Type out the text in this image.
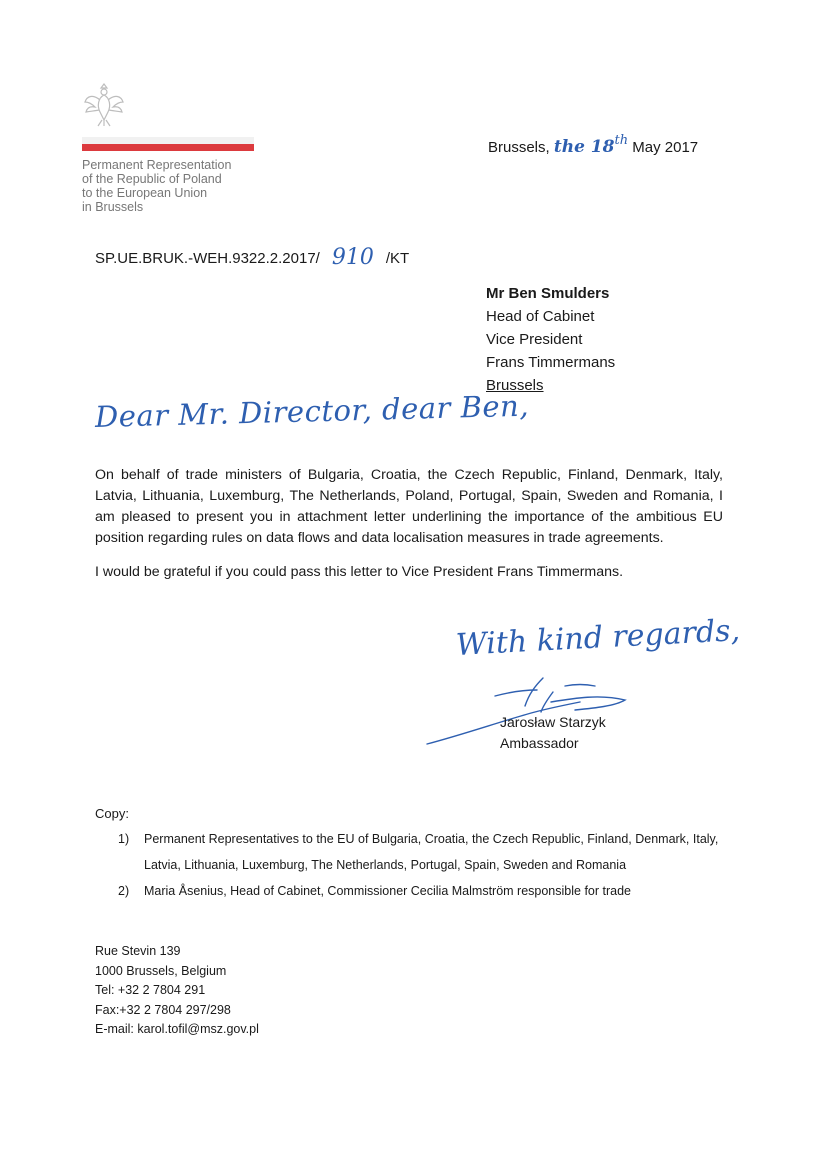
Permanent Representation
of the Republic of Poland
to the European Union
in Brussels
Brussels, the 18th May 2017
SP.UE.BRUK.-WEH.9322.2.2017/ 910 /KT
Mr Ben Smulders
Head of Cabinet
Vice President
Frans Timmermans
Brussels
Dear Mr. Director, dear Ben,

On behalf of trade ministers of Bulgaria, Croatia, the Czech Republic, Finland, Denmark, Italy, Latvia, Lithuania, Luxemburg, The Netherlands, Poland, Portugal, Spain, Sweden and Romania, I am pleased to present you in attachment letter underlining the importance of the ambitious EU position regarding rules on data flows and data localisation measures in trade agreements.

I would be grateful if you could pass this letter to Vice President Frans Timmermans.

With kind regards,
Jarosław Starzyk
Ambassador
Copy:
1)	Permanent Representatives to the EU of Bulgaria, Croatia, the Czech Republic, Finland, Denmark, Italy, Latvia, Lithuania, Luxemburg, The Netherlands, Portugal, Spain, Sweden and Romania
2)	Maria Åsenius, Head of Cabinet, Commissioner Cecilia Malmström responsible for trade
Rue Stevin 139
1000 Brussels, Belgium
Tel: +32 2 7804 291
Fax:+32 2 7804 297/298
E-mail: karol.tofil@msz.gov.pl
